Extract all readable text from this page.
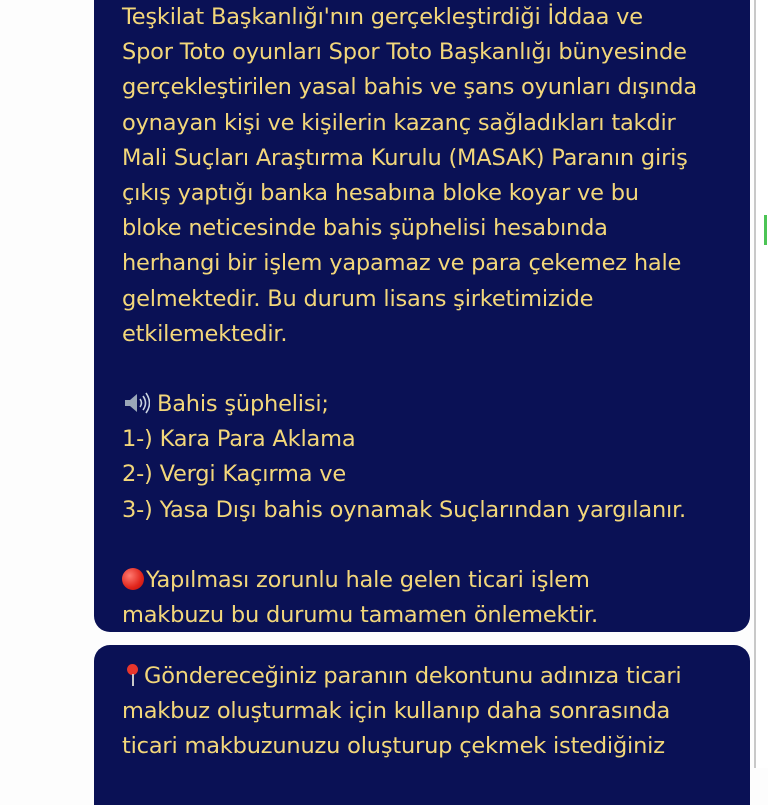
Teşkilat Başkanlığı'nın gerçekleştirdiği İddaa ve
Spor Toto oyunları Spor Toto Başkanlığı bünyesinde
gerçekleştirilen yasal bahis ve şans oyunları dışında
oynayan kişi ve kişilerin kazanç sağladıkları takdir
Mali Suçları Araştırma Kurulu (MASAK) Paranın giriş
çıkış yaptığı banka hesabına bloke koyar ve bu
bloke neticesinde bahis şüphelisi hesabında
herhangi bir işlem yapamaz ve para çekemez hale
gelmektedir. Bu durum lisans şirketimizide
etkilemektedir.
Bahis şüphelisi;
1-) Kara Para Aklama
2-) Vergi Kaçırma ve
3-) Yasa Dışı bahis oynamak Suçlarından yargılanır.
Yapılması zorunlu hale gelen ticari işlem
makbuzu bu durumu tamamen önlemektir.
Göndereceğiniz paranın dekontunu adınıza ticari
makbuz oluşturmak için kullanıp daha sonrasında
ticari makbuzunuzu oluşturup çekmek istediğiniz
